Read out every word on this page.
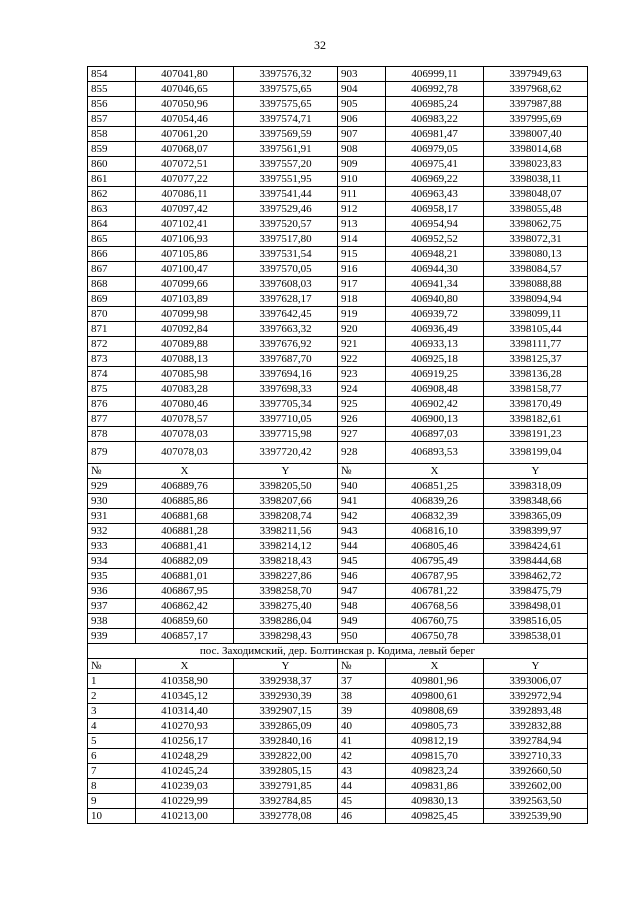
32
854	407041,80	3397576,32	903	406999,11	3397949,63
855	407046,65	3397575,65	904	406992,78	3397968,62
856	407050,96	3397575,65	905	406985,24	3397987,88
857	407054,46	3397574,71	906	406983,22	3397995,69
858	407061,20	3397569,59	907	406981,47	3398007,40
859	407068,07	3397561,91	908	406979,05	3398014,68
860	407072,51	3397557,20	909	406975,41	3398023,83
861	407077,22	3397551,95	910	406969,22	3398038,11
862	407086,11	3397541,44	911	406963,43	3398048,07
863	407097,42	3397529,46	912	406958,17	3398055,48
864	407102,41	3397520,57	913	406954,94	3398062,75
865	407106,93	3397517,80	914	406952,52	3398072,31
866	407105,86	3397531,54	915	406948,21	3398080,13
867	407100,47	3397570,05	916	406944,30	3398084,57
868	407099,66	3397608,03	917	406941,34	3398088,88
869	407103,89	3397628,17	918	406940,80	3398094,94
870	407099,98	3397642,45	919	406939,72	3398099,11
871	407092,84	3397663,32	920	406936,49	3398105,44
872	407089,88	3397676,92	921	406933,13	3398111,77
873	407088,13	3397687,70	922	406925,18	3398125,37
874	407085,98	3397694,16	923	406919,25	3398136,28
875	407083,28	3397698,33	924	406908,48	3398158,77
876	407080,46	3397705,34	925	406902,42	3398170,49
877	407078,57	3397710,05	926	406900,13	3398182,61
878	407078,03	3397715,98	927	406897,03	3398191,23
879	407078,03	3397720,42	928	406893,53	3398199,04
№	X	Y	№	X	Y
929	406889,76	3398205,50	940	406851,25	3398318,09
930	406885,86	3398207,66	941	406839,26	3398348,66
931	406881,68	3398208,74	942	406832,39	3398365,09
932	406881,28	3398211,56	943	406816,10	3398399,97
933	406881,41	3398214,12	944	406805,46	3398424,61
934	406882,09	3398218,43	945	406795,49	3398444,68
935	406881,01	3398227,86	946	406787,95	3398462,72
936	406867,95	3398258,70	947	406781,22	3398475,79
937	406862,42	3398275,40	948	406768,56	3398498,01
938	406859,60	3398286,04	949	406760,75	3398516,05
939	406857,17	3398298,43	950	406750,78	3398538,01
пос. Заходимский, дер. Болтинская р. Кодима, левый берег					
№	X	Y	№	X	Y
1	410358,90	3392938,37	37	409801,96	3393006,07
2	410345,12	3392930,39	38	409800,61	3392972,94
3	410314,40	3392907,15	39	409808,69	3392893,48
4	410270,93	3392865,09	40	409805,73	3392832,88
5	410256,17	3392840,16	41	409812,19	3392784,94
6	410248,29	3392822,00	42	409815,70	3392710,33
7	410245,24	3392805,15	43	409823,24	3392660,50
8	410239,03	3392791,85	44	409831,86	3392602,00
9	410229,99	3392784,85	45	409830,13	3392563,50
10	410213,00	3392778,08	46	409825,45	3392539,90
